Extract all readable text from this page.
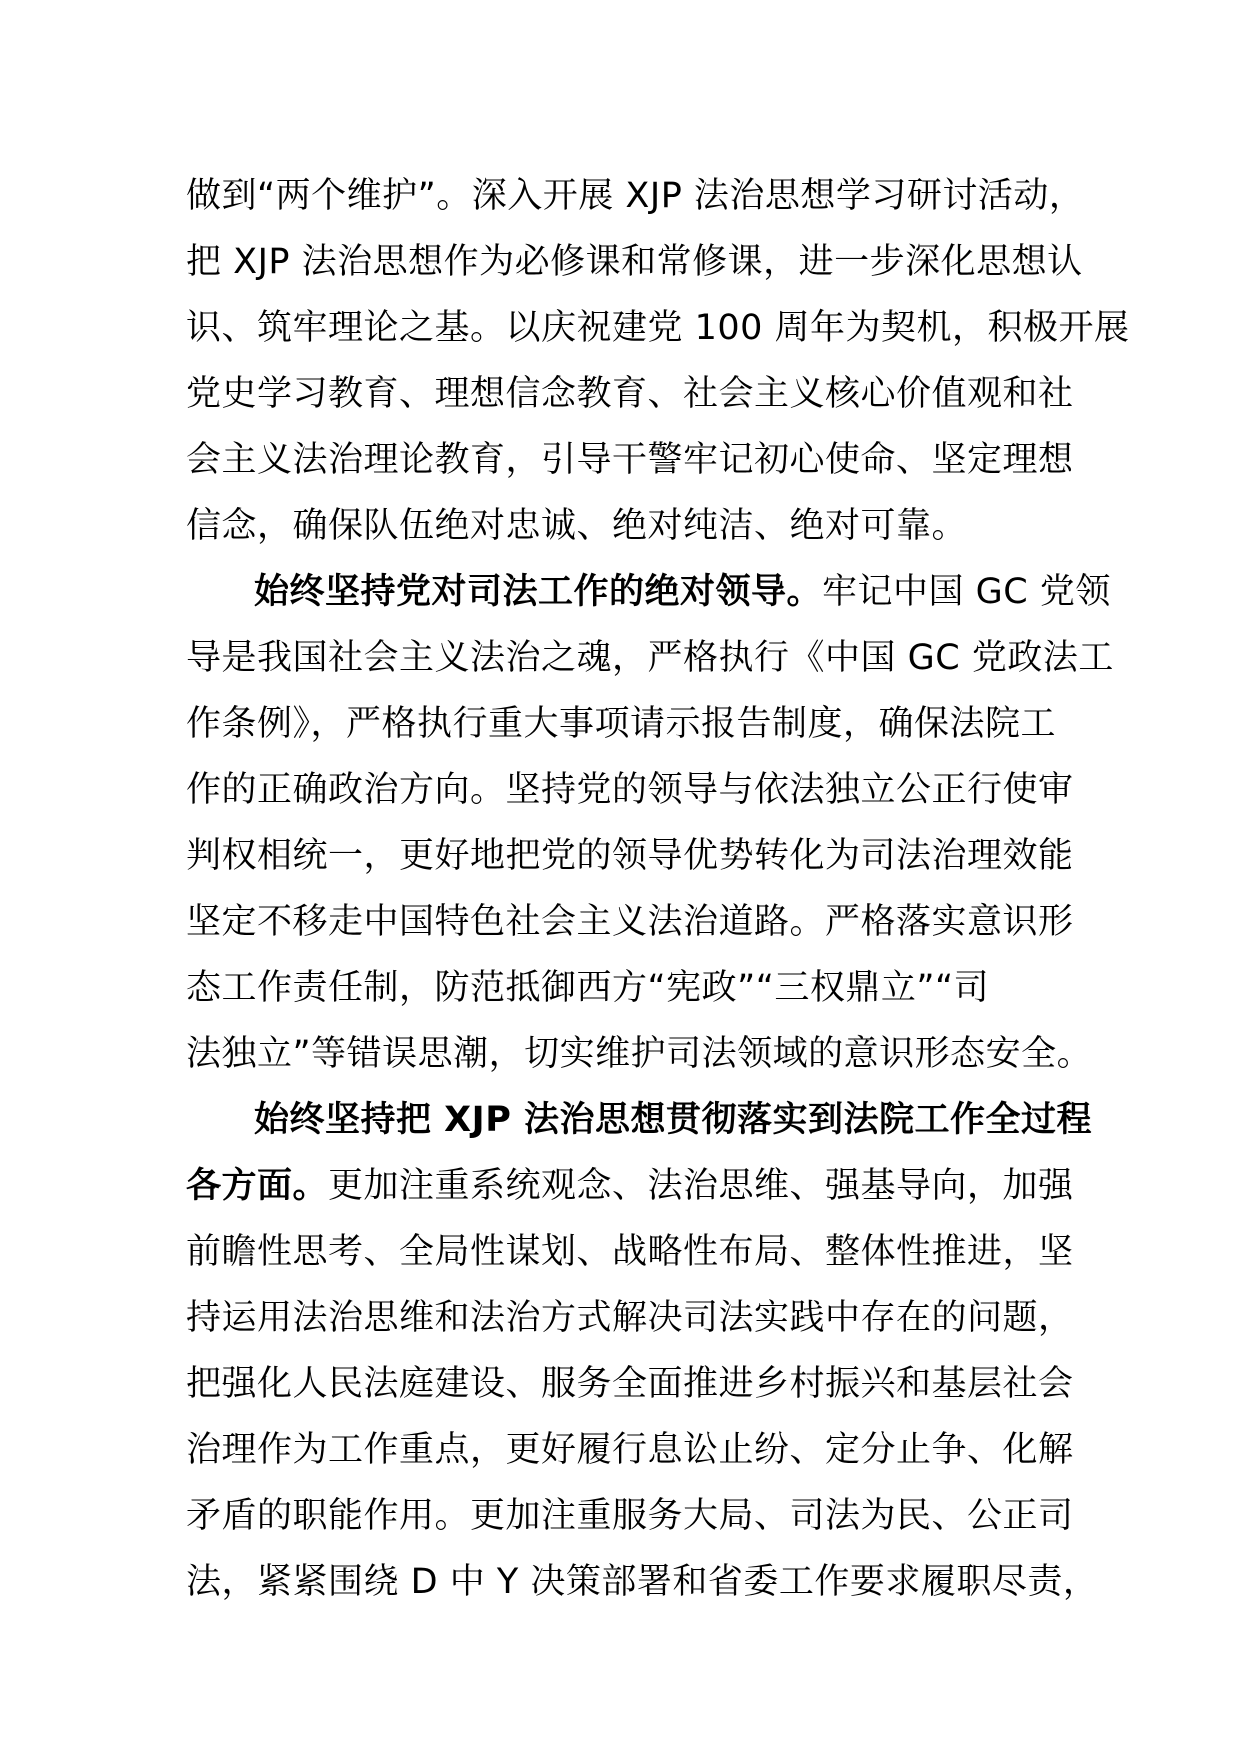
做到“两个维护”。深入开展 XJP 法治思想学习研讨活动，
把 XJP 法治思想作为必修课和常修课，进一步深化思想认
识、筑牢理论之基。以庆祝建党 100 周年为契机，积极开展
党史学习教育、理想信念教育、社会主义核心价值观和社
会主义法治理论教育，引导干警牢记初心使命、坚定理想
信念，确保队伍绝对忠诚、绝对纯洁、绝对可靠。
始终坚持党对司法工作的绝对领导。牢记中国 GC 党领
导是我国社会主义法治之魂，严格执行《中国 GC 党政法工
作条例》，严格执行重大事项请示报告制度，确保法院工
作的正确政治方向。坚持党的领导与依法独立公正行使审
判权相统一，更好地把党的领导优势转化为司法治理效能
坚定不移走中国特色社会主义法治道路。严格落实意识形
态工作责任制，防范抵御西方“宪政”“三权鼎立”“司
法独立”等错误思潮，切实维护司法领域的意识形态安全。
始终坚持把 XJP 法治思想贯彻落实到法院工作全过程
各方面。更加注重系统观念、法治思维、强基导向，加强
前瞻性思考、全局性谋划、战略性布局、整体性推进，坚
持运用法治思维和法治方式解决司法实践中存在的问题，
把强化人民法庭建设、服务全面推进乡村振兴和基层社会
治理作为工作重点，更好履行息讼止纷、定分止争、化解
矛盾的职能作用。更加注重服务大局、司法为民、公正司
法，紧紧围绕 D 中 Y 决策部署和省委工作要求履职尽责，
